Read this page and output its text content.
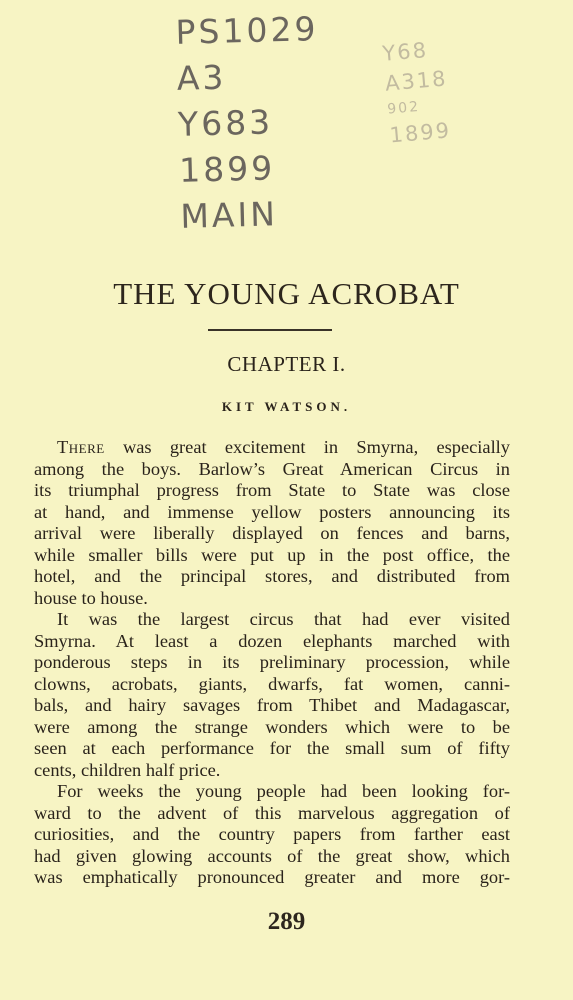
PS1029
A3
Y683
1899
MAIN
Y68
A318
902
1899
THE YOUNG ACROBAT
CHAPTER I.
KIT WATSON.
There was great excitement in Smyrna, especially
among the boys. Barlow’s Great American Circus in
its triumphal progress from State to State was close
at hand, and immense yellow posters announcing its
arrival were liberally displayed on fences and barns,
while smaller bills were put up in the post office, the
hotel, and the principal stores, and distributed from
house to house.
It was the largest circus that had ever visited
Smyrna. At least a dozen elephants marched with
ponderous steps in its preliminary procession, while
clowns, acrobats, giants, dwarfs, fat women, canni-
bals, and hairy savages from Thibet and Madagascar,
were among the strange wonders which were to be
seen at each performance for the small sum of fifty
cents, children half price.
For weeks the young people had been looking for-
ward to the advent of this marvelous aggregation of
curiosities, and the country papers from farther east
had given glowing accounts of the great show, which
was emphatically pronounced greater and more gor-
289
